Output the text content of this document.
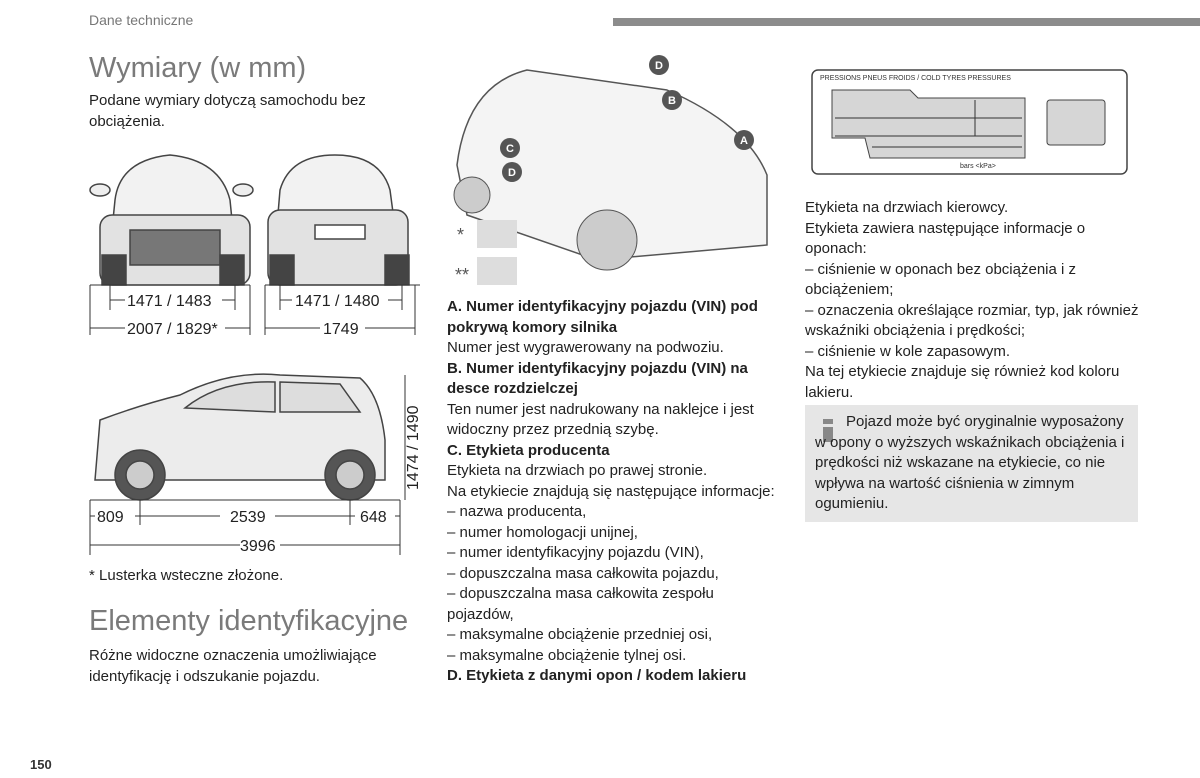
Dane techniczne
Wymiary (w mm)
Podane wymiary dotyczą samochodu bez obciążenia.
1471 / 1483
2007 / 1829*
1471 / 1480
1749
809	2539	648
3996
1474 / 1490
* Lusterka wsteczne złożone.
Elementy identyfikacyjne
Różne widoczne oznaczenia umożliwiające identyfikację i odszukanie pojazdu.
D
B
A
C
D
*
**
A. Numer identyfikacyjny pojazdu (VIN) pod pokrywą komory silnika
Numer jest wygrawerowany na podwoziu.
B. Numer identyfikacyjny pojazdu (VIN) na desce rozdzielczej
Ten numer jest nadrukowany na naklejce i jest widoczny przez przednią szybę.
C. Etykieta producenta
Etykieta na drzwiach po prawej stronie.
Na etykiecie znajdują się następujące informacje:
– nazwa producenta,
– numer homologacji unijnej,
– numer identyfikacyjny pojazdu (VIN),
– dopuszczalna masa całkowita pojazdu,
– dopuszczalna masa całkowita zespołu pojazdów,
– maksymalne obciążenie przedniej osi,
– maksymalne obciążenie tylnej osi.
D. Etykieta z danymi opon / kodem lakieru
PRESSIONS PNEUS FROIDS / COLD TYRES PRESSURES
bars <kPa>
Etykieta na drzwiach kierowcy.
Etykieta zawiera następujące informacje o oponach:
– ciśnienie w oponach bez obciążenia i z obciążeniem;
– oznaczenia określające rozmiar, typ, jak również wskaźniki obciążenia i prędkości;
– ciśnienie w kole zapasowym.
Na tej etykiecie znajduje się również kod koloru lakieru.
Pojazd może być oryginalnie wyposażony w opony o wyższych wskaźnikach obciążenia i prędkości niż wskazane na etykiecie, co nie wpływa na wartość ciśnienia w zimnym ogumieniu.
150
